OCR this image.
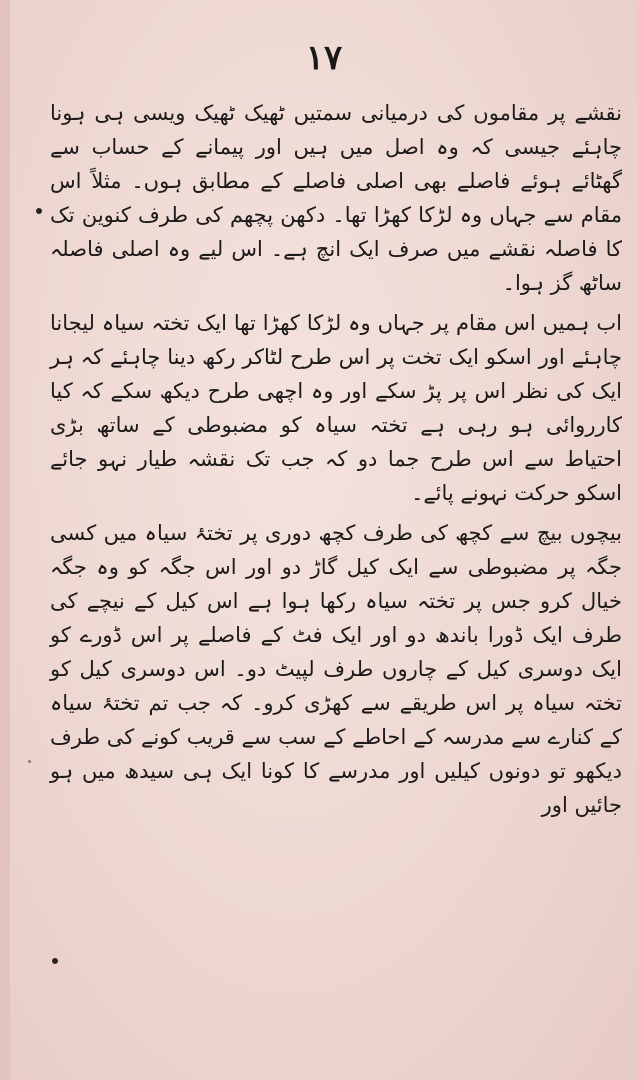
۱۷

نقشے پر مقاموں کی درمیانی سمتیں ٹھیک ٹھیک ویسی ہی ہونا چاہئے جیسی کہ وہ اصل میں ہیں اور پیمانے کے حساب سے گھٹائے ہوئے فاصلے بھی اصلی فاصلے کے مطابق ہوں۔ مثلاً اس مقام سے جہاں وہ لڑکا کھڑا تھا۔ دکھن پچھم کی طرف کنوین تک کا فاصلہ نقشے میں صرف ایک انچ ہے۔ اس لیے وہ اصلی فاصلہ ساٹھ گز ہوا۔

اب ہمیں اس مقام پر جہاں وہ لڑکا کھڑا تھا ایک تختہ سیاہ لیجانا چاہئے اور اسکو ایک تخت پر اس طرح لٹاکر رکھ دینا چاہئے کہ ہر ایک کی نظر اس پر پڑ سکے اور وہ اچھی طرح دیکھ سکے کہ کیا کارروائی ہو رہی ہے تختہ سیاہ کو مضبوطی کے ساتھ بڑی احتیاط سے اس طرح جما دو کہ جب تک نقشہ طیار نہو جائے اسکو حرکت نہونے پائے۔

بیچوں بیچ سے کچھ کی طرف کچھ دوری پر تختۂ سیاہ میں کسی جگہ پر مضبوطی سے ایک کیل گاڑ دو اور اس جگہ کو وہ جگہ خیال کرو جس پر تختہ سیاہ رکھا ہوا ہے اس کیل کے نیچے کی طرف ایک ڈورا باندھ دو اور ایک فٹ کے فاصلے پر اس ڈورے کو ایک دوسری کیل کے چاروں طرف لپیٹ دو۔ اس دوسری کیل کو تختہ سیاہ پر اس طریقے سے کھڑی کرو۔ کہ جب تم تختۂ سیاہ کے کنارے سے مدرسہ کے احاطے کے سب سے قریب کونے کی طرف دیکھو تو دونوں کیلیں اور مدرسے کا کونا ایک ہی سیدھ میں ہو جائیں اور
